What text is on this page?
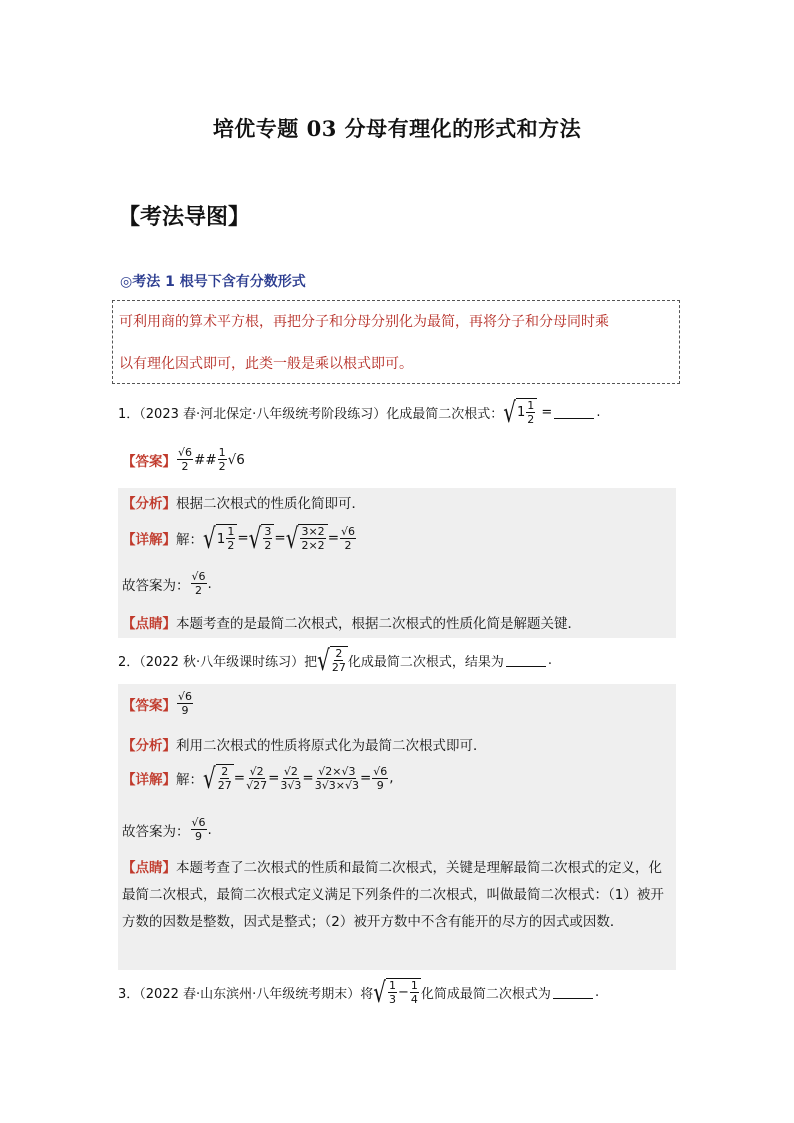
培优专题 03 分母有理化的形式和方法
【考法导图】
◎考法 1 根号下含有分数形式
可利用商的算术平方根，再把分子和分母分别化为最简，再将分子和分母同时乘
以有理化因式即可，此类一般是乘以根式即可。
1．（2023 春·河北保定·八年级统考阶段练习）化成最简二次根式： √ $1 \frac{1}{2}$ =	.
【答案】 $\frac{√6}{2}$ ## $\frac{1}{2} √6$
【分析】 根据二次根式的性质化简即可．
【详解】 解： √ $1 \frac{1}{2}$ = √ $\frac{3}{2}$ = √ $\frac{3\times 2}{2\times 2} = \frac{√6}{2}$
故答案为： $\frac{√6}{2}$ .
【点睛】 本题考查的是最简二次根式，根据二次根式的性质化简是解题关键．
2．（2022 秋·八年级课时练习）把 √ $\frac{2}{27}$ 化成最简二次根式，结果为	.
【答案】 $\frac{√6}{9}$
【分析】 利用二次根式的性质将原式化为最简二次根式即可．
【详解】 解： √ $\frac{2}{27} = \frac{√2}{√27} = \frac{√2}{3√3} = \frac{√2\times√3}{3√3\times√3} = \frac{√6}{9}$ ,
故答案为： $\frac{√6}{9}$ .
【点睛】本题考查了二次根式的性质和最简二次根式，关键是理解最简二次根式的定义，化最简二次根式，最简二次根式定义满足下列条件的二次根式，叫做最简二次根式：（1）被开方数的因数是整数，因式是整式；（2）被开方数中不含有能开的尽方的因式或因数．
3．（2022 春·山东滨州·八年级统考期末）将 √ $\frac{1}{3} - \frac{1}{4}$ 化简成最简二次根式为	.
